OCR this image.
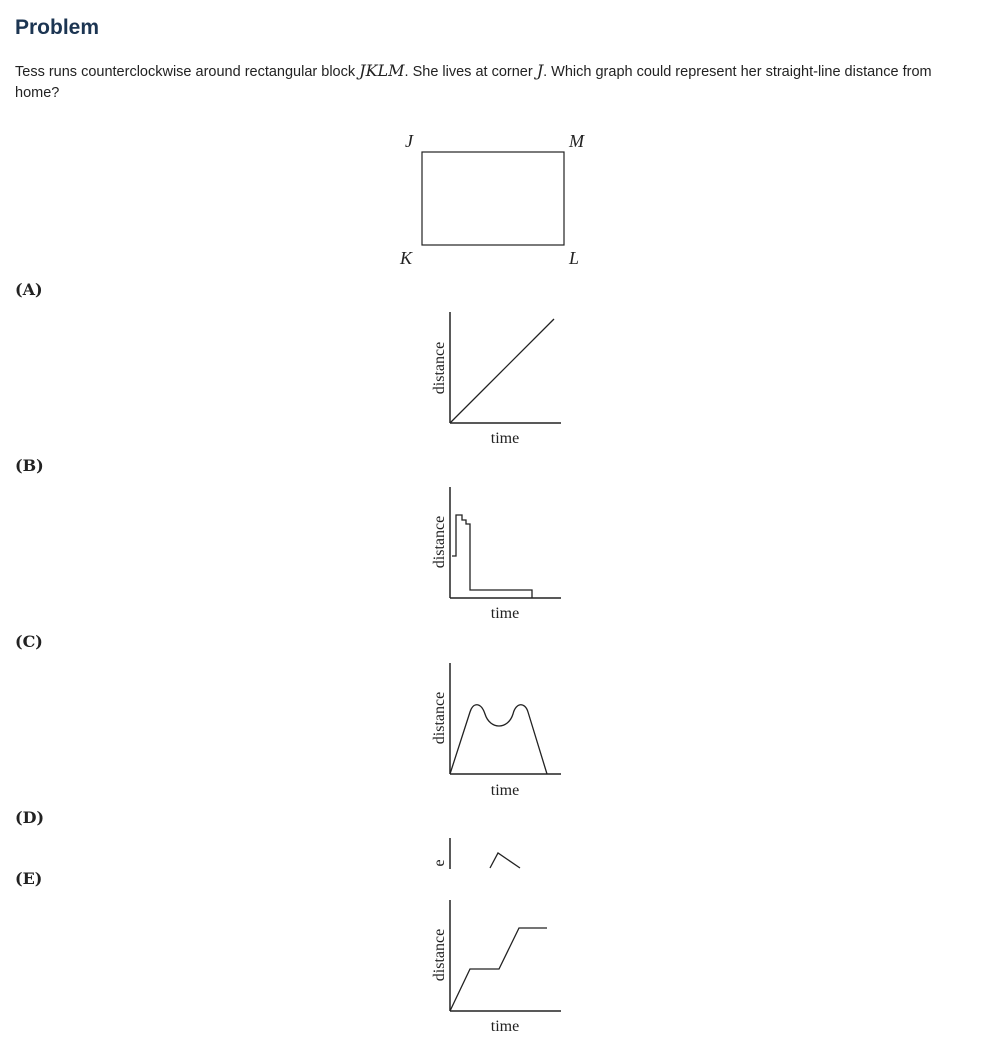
Problem

Tess runs counterclockwise around rectangular block JKLM. She lives at corner J. Which graph could represent her straight-line distance from home?

(A)
(B)
(C)
(D)
(E)
J	M
K	L
time
distance
time
distance
time
distance
e
time
distance
